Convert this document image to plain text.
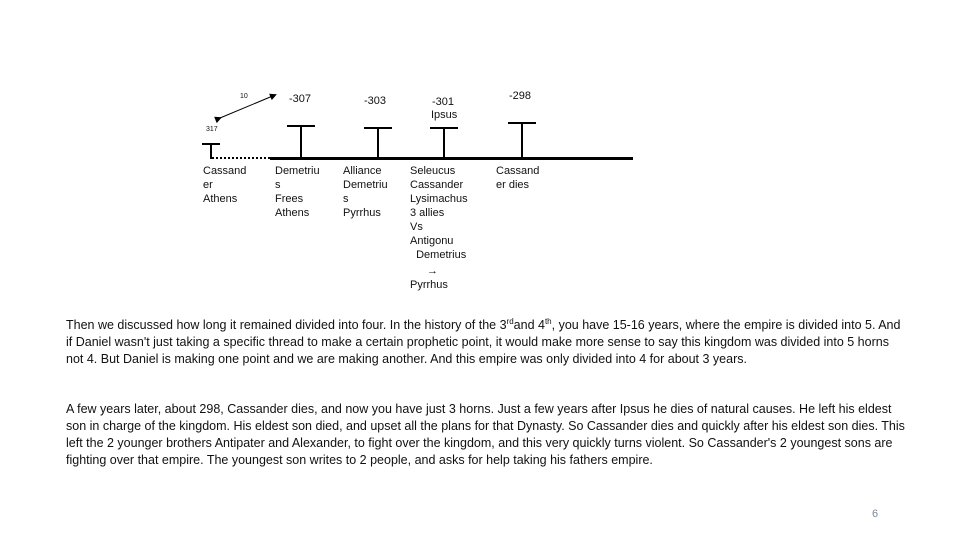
10	-307	-303	-301
Ipsus
-298
317
Cassand
er
Athens
Demetriu
s
Frees
Athens
Alliance
Demetriu
s
Pyrrhus
Seleucus
Cassander
Lysimachus
3 allies
Vs
Antigonu
Demetrius
→
Pyrrhus
Cassand
er dies

Then we discussed how long it remained divided into four. In the history of the 3rdand 4th, you have 15-16 years, where the empire is divided into 5. And if Daniel wasn't just taking a specific thread to make a certain prophetic point, it would make more sense to say this kingdom was divided into 5 horns not 4. But Daniel is making one point and we are making another. And this empire was only divided into 4 for about 3 years.

A few years later, about 298, Cassander dies, and now you have just 3 horns. Just a few years after Ipsus he dies of natural causes. He left his eldest son in charge of the kingdom. His eldest son died, and upset all the plans for that Dynasty. So Cassander dies and quickly after his eldest son dies. This left the 2 younger brothers Antipater and Alexander, to fight over the kingdom, and this very quickly turns violent. So Cassander's 2 youngest sons are fighting over that empire. The youngest son writes to 2 people, and asks for help taking his fathers empire.

6
